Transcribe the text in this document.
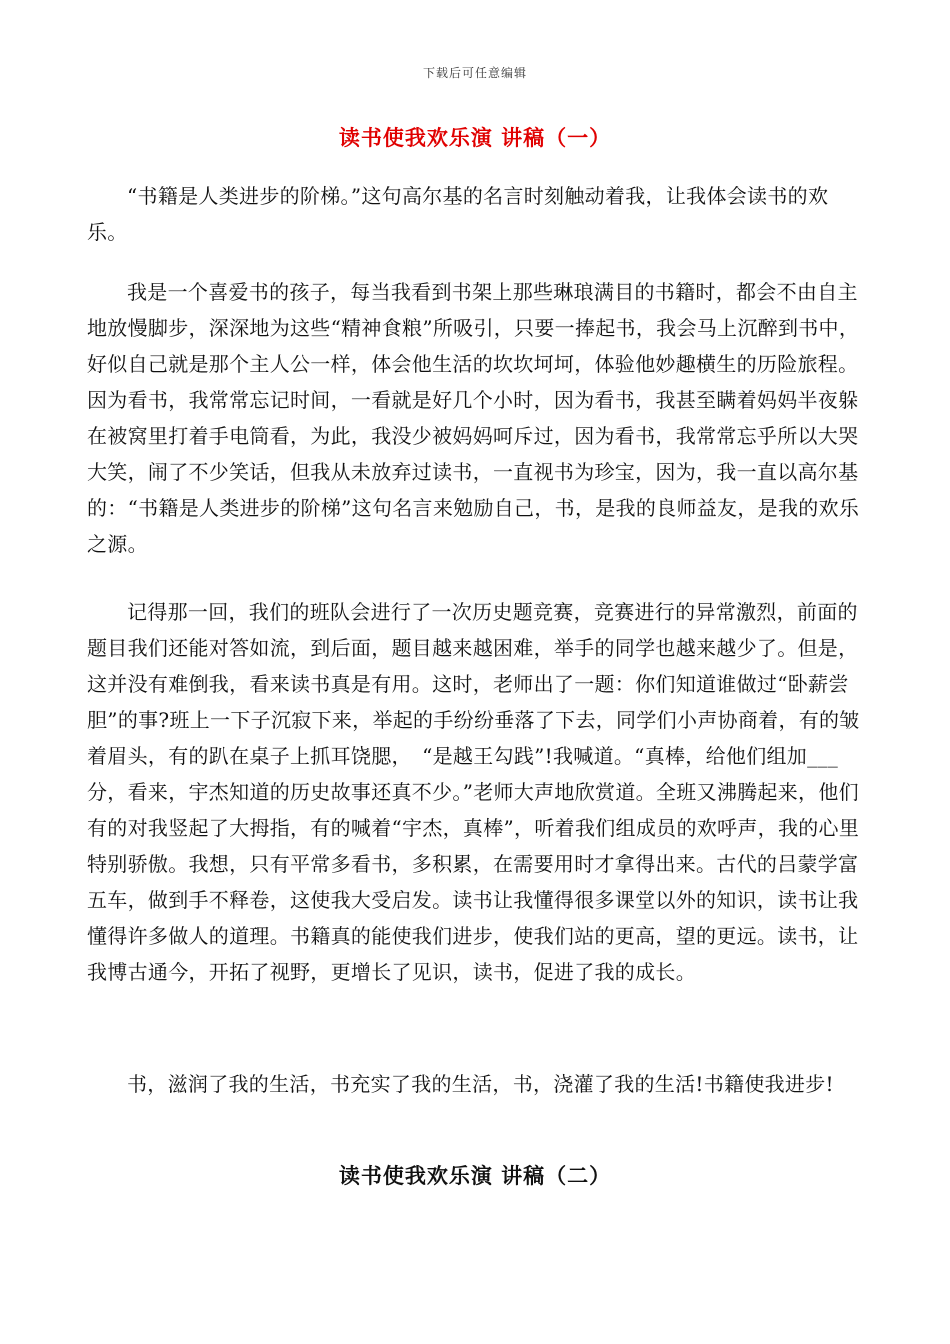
下载后可任意编辑
读书使我欢乐演 讲稿（一）

“书籍是人类进步的阶梯。”这句高尔基的名言时刻触动着我，让我体会读书的欢乐。

我是一个喜爱书的孩子，每当我看到书架上那些琳琅满目的书籍时，都会不由自主地放慢脚步，深深地为这些“精神食粮”所吸引，只要一捧起书，我会马上沉醉到书中，好似自己就是那个主人公一样，体会他生活的坎坎坷坷，体验他妙趣横生的历险旅程。因为看书，我常常忘记时间，一看就是好几个小时，因为看书，我甚至瞒着妈妈半夜躲在被窝里打着手电筒看，为此，我没少被妈妈呵斥过，因为看书，我常常忘乎所以大哭大笑，闹了不少笑话，但我从未放弃过读书，一直视书为珍宝，因为，我一直以高尔基的：“书籍是人类进步的阶梯”这句名言来勉励自己，书，是我的良师益友，是我的欢乐之源。

记得那一回，我们的班队会进行了一次历史题竞赛，竞赛进行的异常激烈，前面的题目我们还能对答如流，到后面，题目越来越困难，举手的同学也越来越少了。但是，这并没有难倒我，看来读书真是有用。这时，老师出了一题：你们知道谁做过“卧薪尝胆”的事?班上一下子沉寂下来，举起的手纷纷垂落了下去，同学们小声协商着，有的皱着眉头，有的趴在桌子上抓耳饶腮，　“是越王勾践”!我喊道。“真棒，给他们组加___分，看来，宇杰知道的历史故事还真不少。”老师大声地欣赏道。全班又沸腾起来，他们有的对我竖起了大拇指，有的喊着“宇杰，真棒”，听着我们组成员的欢呼声，我的心里特别骄傲。我想，只有平常多看书，多积累，在需要用时才拿得出来。古代的吕蒙学富五车，做到手不释卷，这使我大受启发。读书让我懂得很多课堂以外的知识，读书让我懂得许多做人的道理。书籍真的能使我们进步，使我们站的更高，望的更远。读书，让我博古通今，开拓了视野，更增长了见识，读书，促进了我的成长。

书，滋润了我的生活，书充实了我的生活，书，浇灌了我的生活!书籍使我进步!

读书使我欢乐演 讲稿（二）
